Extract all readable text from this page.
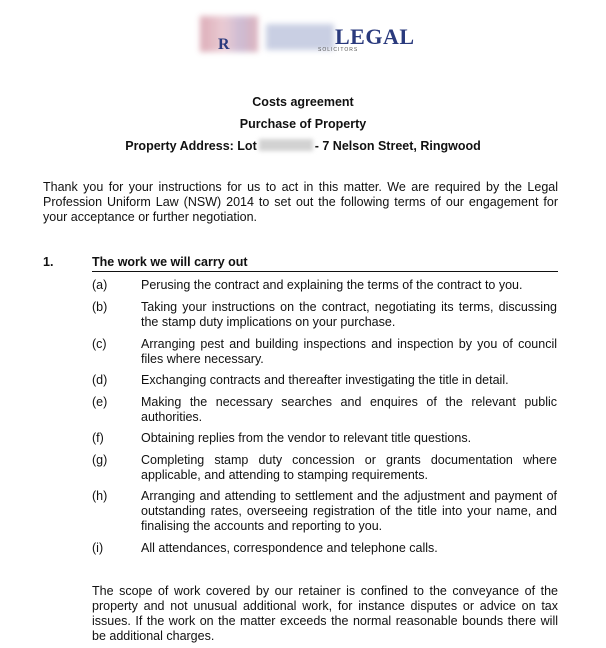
R	LEGAL
SOLICITORS
Costs agreement
Purchase of Property
Property Address: Lot	- 7 Nelson Street, Ringwood
Thank you for your instructions for us to act in this matter. We are required by the Legal Profession Uniform Law (NSW) 2014 to set out the following terms of our engagement for your acceptance or further negotiation.
1.	The work we will carry out
(a)	Perusing the contract and explaining the terms of the contract to you.
(b)	Taking your instructions on the contract, negotiating its terms, discussing the stamp duty implications on your purchase.
(c)	Arranging pest and building inspections and inspection by you of council files where necessary.
(d)	Exchanging contracts and thereafter investigating the title in detail.
(e)	Making the necessary searches and enquires of the relevant public authorities.
(f)	Obtaining replies from the vendor to relevant title questions.
(g)	Completing stamp duty concession or grants documentation where applicable, and attending to stamping requirements.
(h)	Arranging and attending to settlement and the adjustment and payment of outstanding rates, overseeing registration of the title into your name, and finalising the accounts and reporting to you.
(i)	All attendances, correspondence and telephone calls.
The scope of work covered by our retainer is confined to the conveyance of the property and not unusual additional work, for instance disputes or advice on tax issues. If the work on the matter exceeds the normal reasonable bounds there will be additional charges.
